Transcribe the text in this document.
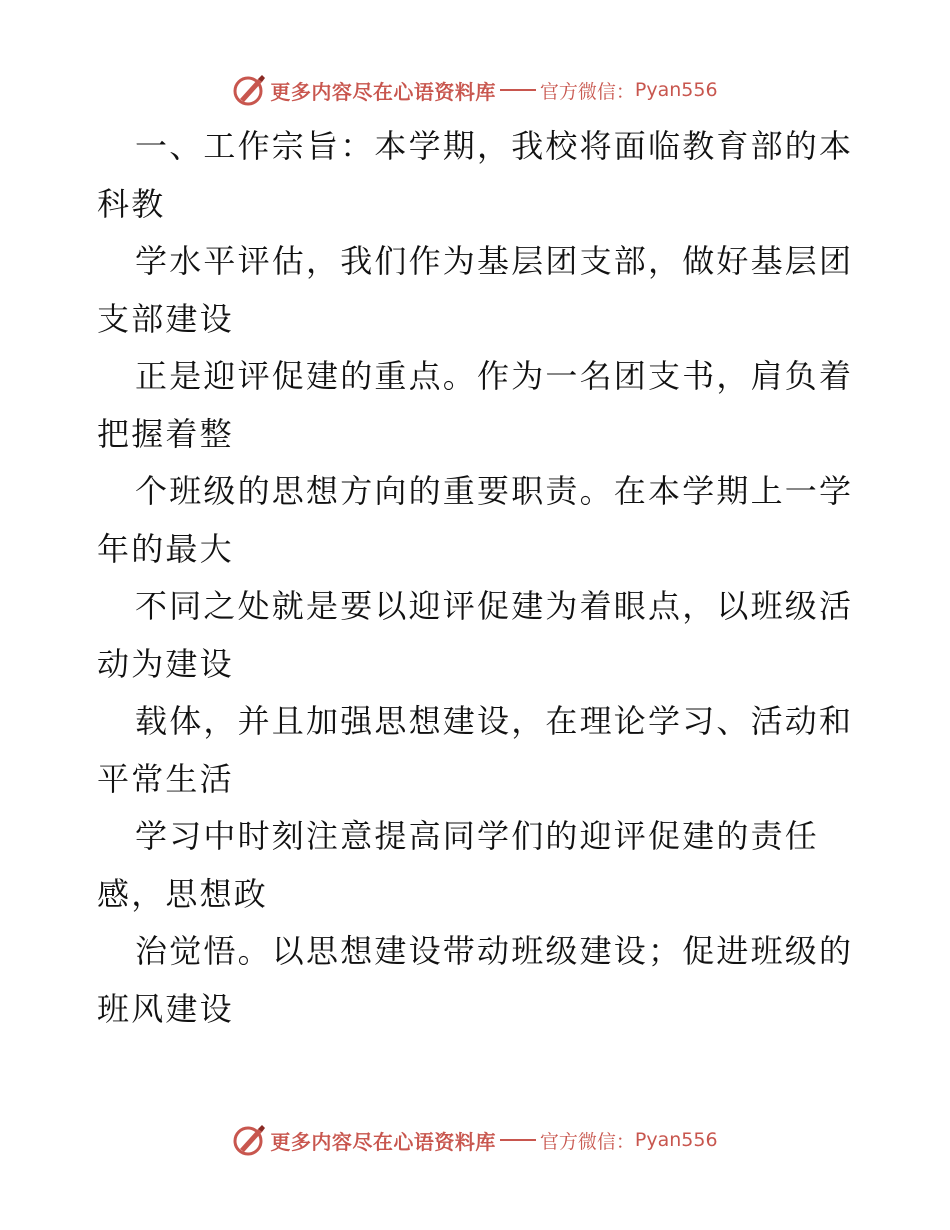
更多内容尽在心语资料库 官方微信： Pyan556
一、工作宗旨：本学期，我校将面临教育部的本
科教
学水平评估，我们作为基层团支部，做好基层团
支部建设
正是迎评促建的重点。作为一名团支书，肩负着
把握着整
个班级的思想方向的重要职责。在本学期上一学
年的最大
不同之处就是要以迎评促建为着眼点，以班级活
动为建设
载体，并且加强思想建设，在理论学习、活动和
平常生活
学习中时刻注意提高同学们的迎评促建的责任
感，思想政
治觉悟。以思想建设带动班级建设；促进班级的
班风建设
更多内容尽在心语资料库 官方微信： Pyan556
